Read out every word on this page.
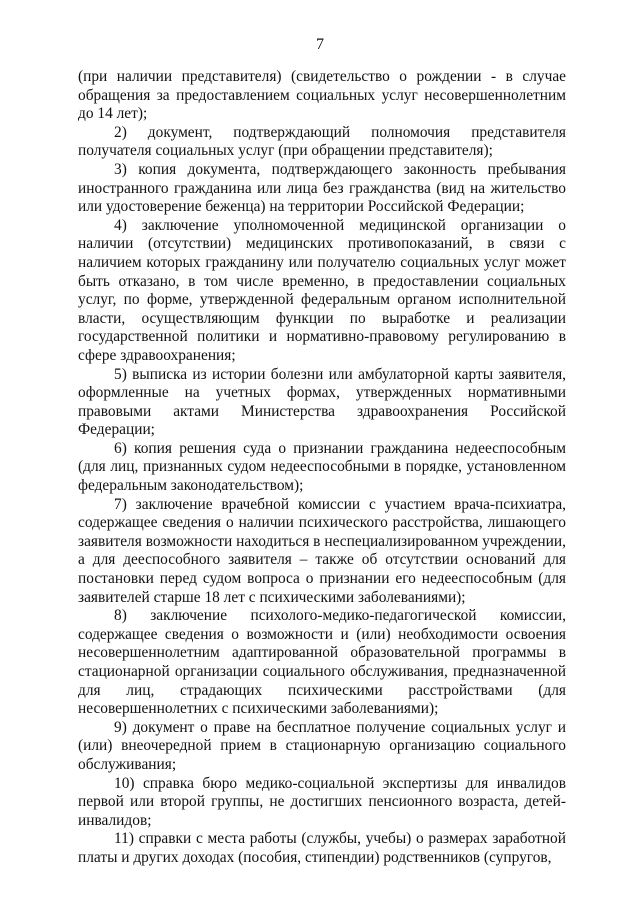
7

(при наличии представителя) (свидетельство о рождении - в случае обращения за предоставлением социальных услуг несовершеннолетним до 14 лет);

2) документ, подтверждающий полномочия представителя получателя социальных услуг (при обращении представителя);

3) копия документа, подтверждающего законность пребывания иностранного гражданина или лица без гражданства (вид на жительство или удостоверение беженца) на территории Российской Федерации;

4) заключение уполномоченной медицинской организации о наличии (отсутствии) медицинских противопоказаний, в связи с наличием которых гражданину или получателю социальных услуг может быть отказано, в том числе временно, в предоставлении социальных услуг, по форме, утвержденной федеральным органом исполнительной власти, осуществляющим функции по выработке и реализации государственной политики и нормативно-правовому регулированию в сфере здравоохранения;

5) выписка из истории болезни или амбулаторной карты заявителя, оформленные на учетных формах, утвержденных нормативными правовыми актами Министерства здравоохранения Российской Федерации;

6) копия решения суда о признании гражданина недееспособным (для лиц, признанных судом недееспособными в порядке, установленном федеральным законодательством);

7) заключение врачебной комиссии с участием врача-психиатра, содержащее сведения о наличии психического расстройства, лишающего заявителя возможности находиться в неспециализированном учреждении, а для дееспособного заявителя – также об отсутствии оснований для постановки перед судом вопроса о признании его недееспособным (для заявителей старше 18 лет с психическими заболеваниями);

8) заключение психолого-медико-педагогической комиссии, содержащее сведения о возможности и (или) необходимости освоения несовершеннолетним адаптированной образовательной программы в стационарной организации социального обслуживания, предназначенной для лиц, страдающих психическими расстройствами (для несовершеннолетних с психическими заболеваниями);

9) документ о праве на бесплатное получение социальных услуг и (или) внеочередной прием в стационарную организацию социального обслуживания;

10) справка бюро медико-социальной экспертизы для инвалидов первой или второй группы, не достигших пенсионного возраста, детей-инвалидов;

11) справки с места работы (службы, учебы) о размерах заработной платы и других доходах (пособия, стипендии) родственников (супругов,
